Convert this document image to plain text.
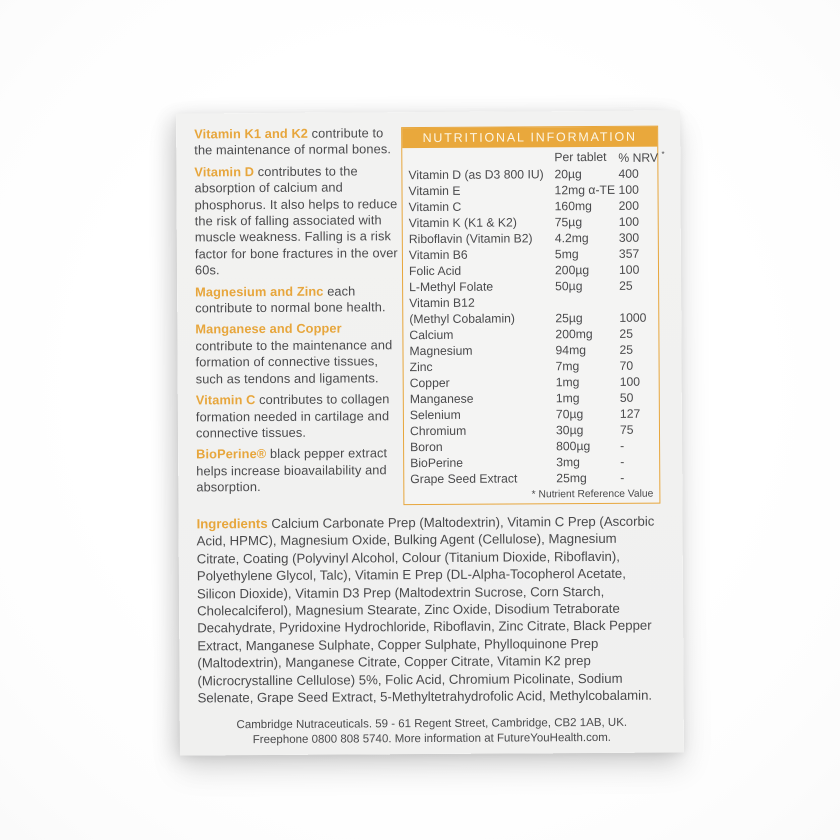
Vitamin K1 and K2 contribute to the maintenance of normal bones.

Vitamin D contributes to the absorption of calcium and phosphorus. It also helps to reduce the risk of falling associated with muscle weakness. Falling is a risk factor for bone fractures in the over 60s.

Magnesium and Zinc each contribute to normal bone health.

Manganese and Copper contribute to the maintenance and formation of connective tissues, such as tendons and ligaments.

Vitamin C contributes to collagen formation needed in cartilage and connective tissues.

BioPerine® black pepper extract helps increase bioavailability and absorption.

NUTRITIONAL INFORMATION
Per tablet % NRV *
Vitamin D (as D3 800 IU) 20µg	400
Vitamin E	12mg α-TE 100
Vitamin C	160mg	200
Vitamin K (K1 & K2)	75µg	100
Riboflavin (Vitamin B2)	4.2mg	300
Vitamin B6	5mg	357
Folic Acid	200µg	100
L-Methyl Folate	50µg	25
Vitamin B12
(Methyl Cobalamin)	25µg	1000
Calcium	200mg	25
Magnesium	94mg	25
Zinc	7mg	70
Copper	1mg	100
Manganese	1mg	50
Selenium	70µg	127
Chromium	30µg	75
Boron	800µg	-
BioPerine	3mg	-
Grape Seed Extract	25mg	-
* Nutrient Reference Value
Ingredients Calcium Carbonate Prep (Maltodextrin), Vitamin C Prep (Ascorbic Acid, HPMC), Magnesium Oxide, Bulking Agent (Cellulose), Magnesium Citrate, Coating (Polyvinyl Alcohol, Colour (Titanium Dioxide, Riboflavin), Polyethylene Glycol, Talc), Vitamin E Prep (DL-Alpha-Tocopherol Acetate, Silicon Dioxide), Vitamin D3 Prep (Maltodextrin Sucrose, Corn Starch, Cholecalciferol), Magnesium Stearate, Zinc Oxide, Disodium Tetraborate Decahydrate, Pyridoxine Hydrochloride, Riboflavin, Zinc Citrate, Black Pepper Extract, Manganese Sulphate, Copper Sulphate, Phylloquinone Prep (Maltodextrin), Manganese Citrate, Copper Citrate, Vitamin K2 prep (Microcrystalline Cellulose) 5%, Folic Acid, Chromium Picolinate, Sodium Selenate, Grape Seed Extract, 5-Methyltetrahydrofolic Acid, Methylcobalamin.
Cambridge Nutraceuticals. 59 - 61 Regent Street, Cambridge, CB2 1AB, UK.
Freephone 0800 808 5740. More information at FutureYouHealth.com.
